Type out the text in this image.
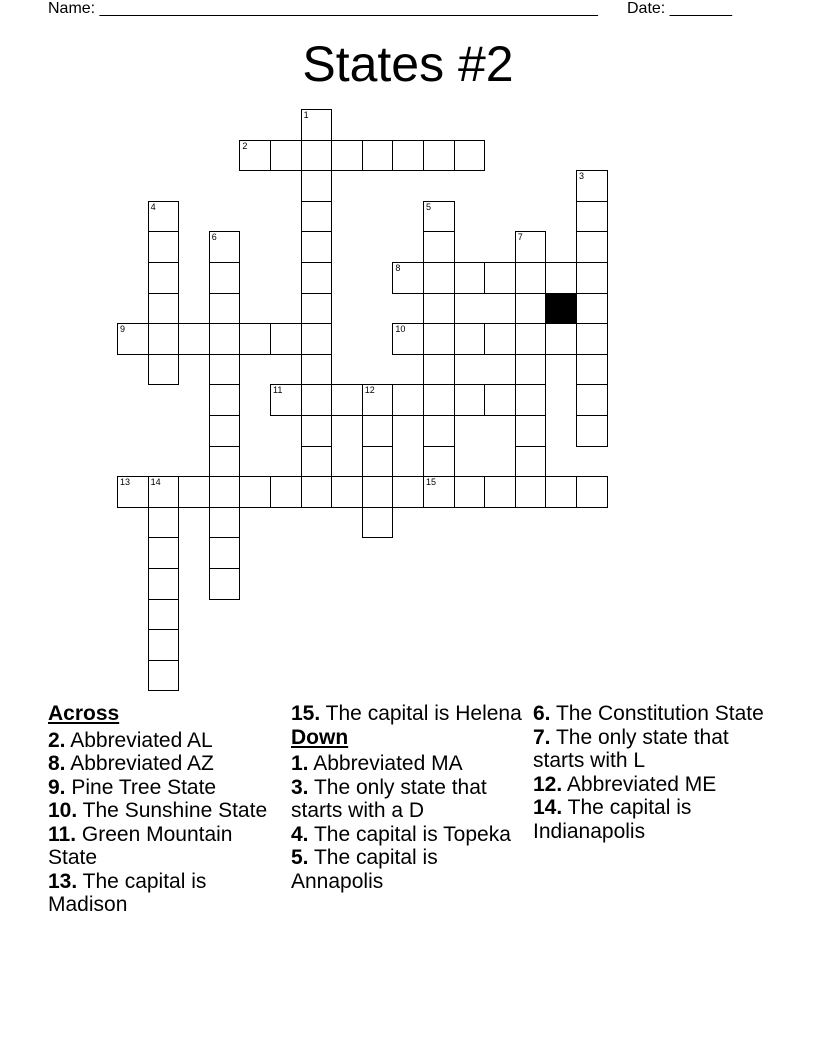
Name: ________________________________________________________ Date: _______
States #2
2
8
9	10
11	12
13 14	15
1
3
4	5
6	7
Across
2. Abbreviated AL
8. Abbreviated AZ
9. Pine Tree State
10. The Sunshine State
11. Green Mountain State
13. The capital is Madison
15. The capital is Helena
Down
1. Abbreviated MA
3. The only state that starts with a D
4. The capital is Topeka
5. The capital is Annapolis
6. The Constitution State
7. The only state that starts with L
12. Abbreviated ME
14. The capital is Indianapolis
